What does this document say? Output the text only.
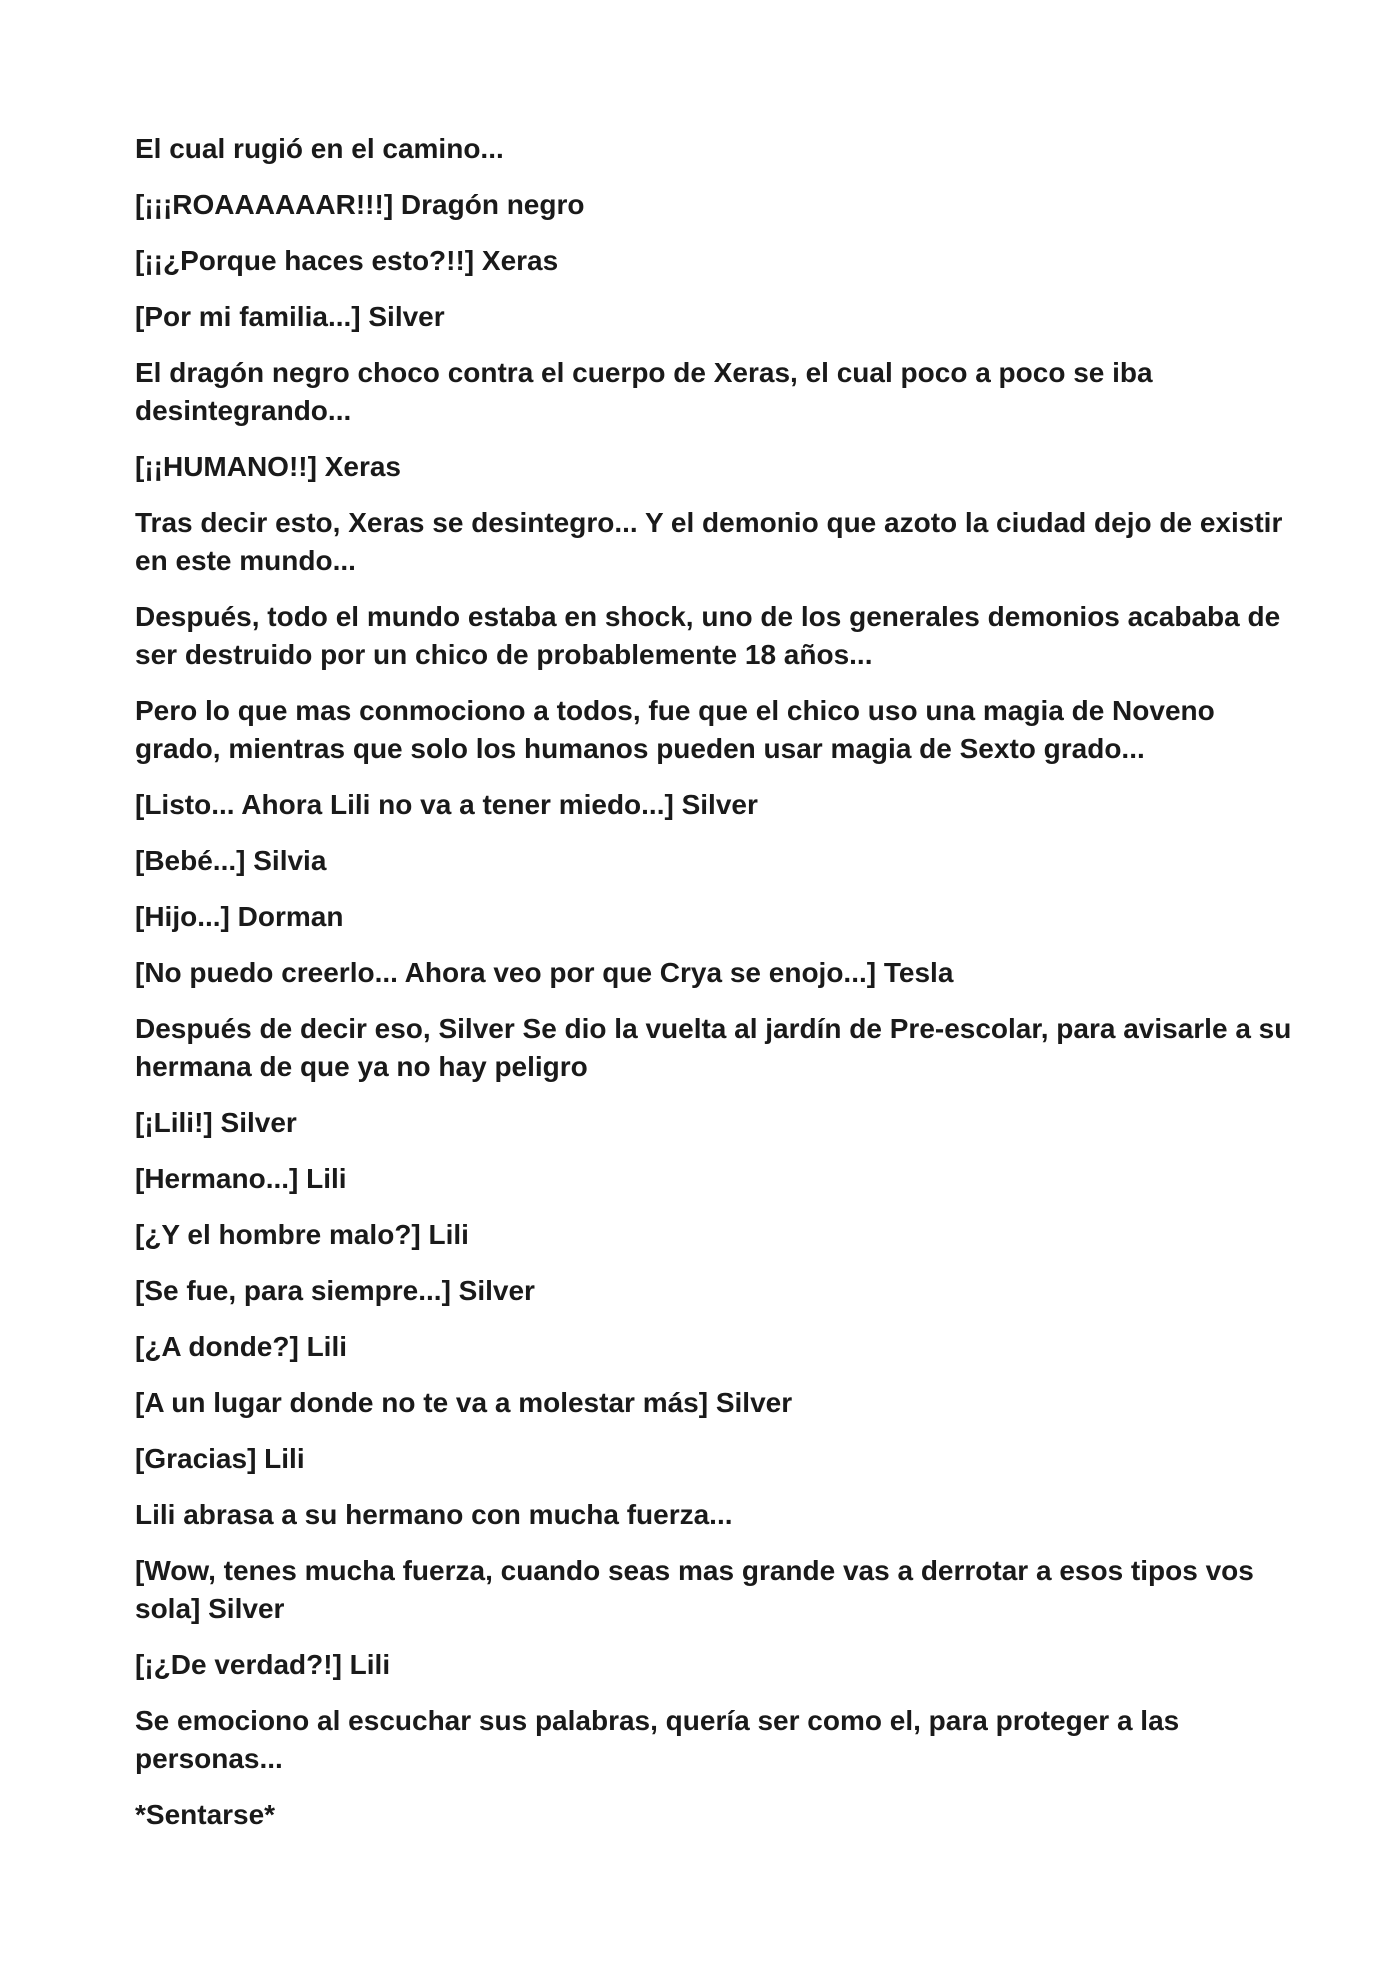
El cual rugió en el camino...

[¡¡¡ROAAAAAAR!!!] Dragón negro

[¡¡¿Porque haces esto?!!] Xeras

[Por mi familia...] Silver

El dragón negro choco contra el cuerpo de Xeras, el cual poco a poco se iba desintegrando...

[¡¡HUMANO!!] Xeras

Tras decir esto, Xeras se desintegro... Y el demonio que azoto la ciudad dejo de existir en este mundo...

Después, todo el mundo estaba en shock, uno de los generales demonios acababa de ser destruido por un chico de probablemente 18 años...

Pero lo que mas conmociono a todos, fue que el chico uso una magia de Noveno grado, mientras que solo los humanos pueden usar magia de Sexto grado...

[Listo... Ahora Lili no va a tener miedo...] Silver

[Bebé...] Silvia

[Hijo...] Dorman

[No puedo creerlo... Ahora veo por que Crya se enojo...] Tesla

Después de decir eso, Silver Se dio la vuelta al jardín de Pre-escolar, para avisarle a su hermana de que ya no hay peligro

[¡Lili!] Silver

[Hermano...] Lili

[¿Y el hombre malo?] Lili

[Se fue, para siempre...] Silver

[¿A donde?] Lili

[A un lugar donde no te va a molestar más] Silver

[Gracias] Lili

Lili abrasa a su hermano con mucha fuerza...

[Wow, tenes mucha fuerza, cuando seas mas grande vas a derrotar a esos tipos vos sola] Silver

[¡¿De verdad?!] Lili

Se emociono al escuchar sus palabras, quería ser como el, para proteger a las personas...

*Sentarse*
